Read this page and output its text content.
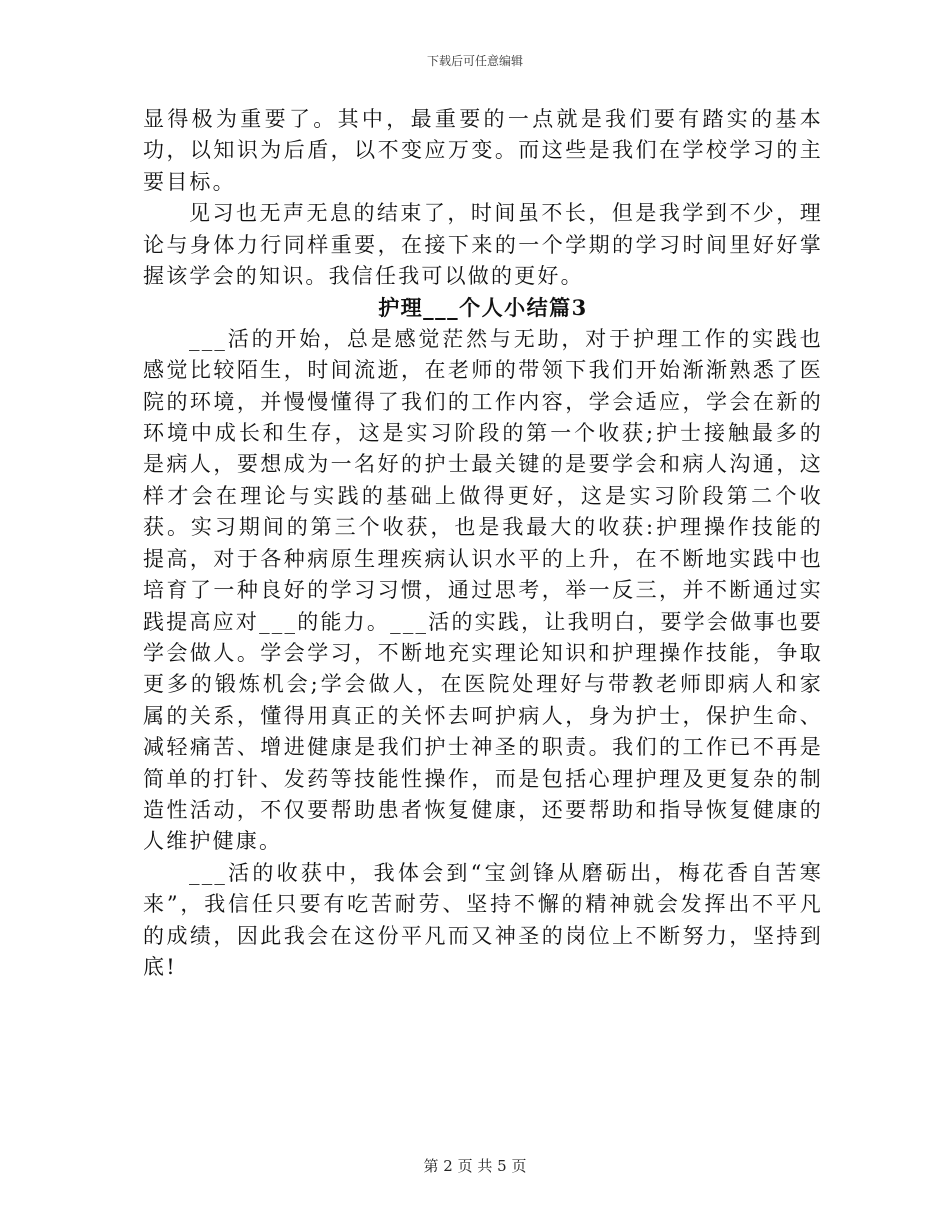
下载后可任意编辑

显得极为重要了。其中，最重要的一点就是我们要有踏实的基本功，以知识为后盾，以不变应万变。而这些是我们在学校学习的主要目标。

见习也无声无息的结束了，时间虽不长，但是我学到不少，理论与身体力行同样重要，在接下来的一个学期的学习时间里好好掌握该学会的知识。我信任我可以做的更好。

护理___个人小结篇3

___活的开始，总是感觉茫然与无助，对于护理工作的实践也感觉比较陌生，时间流逝，在老师的带领下我们开始渐渐熟悉了医院的环境，并慢慢懂得了我们的工作内容，学会适应，学会在新的环境中成长和生存，这是实习阶段的第一个收获;护士接触最多的是病人，要想成为一名好的护士最关键的是要学会和病人沟通，这样才会在理论与实践的基础上做得更好，这是实习阶段第二个收获。实习期间的第三个收获，也是我最大的收获:护理操作技能的提高，对于各种病原生理疾病认识水平的上升，在不断地实践中也培育了一种良好的学习习惯，通过思考，举一反三，并不断通过实践提高应对___的能力。___活的实践，让我明白，要学会做事也要学会做人。学会学习，不断地充实理论知识和护理操作技能，争取更多的锻炼机会;学会做人，在医院处理好与带教老师即病人和家属的关系，懂得用真正的关怀去呵护病人，身为护士，保护生命、减轻痛苦、增进健康是我们护士神圣的职责。我们的工作已不再是简单的打针、发药等技能性操作，而是包括心理护理及更复杂的制造性活动，不仅要帮助患者恢复健康，还要帮助和指导恢复健康的人维护健康。

___活的收获中，我体会到“宝剑锋从磨砺出，梅花香自苦寒来”，我信任只要有吃苦耐劳、坚持不懈的精神就会发挥出不平凡的成绩，因此我会在这份平凡而又神圣的岗位上不断努力，坚持到底!

第 2 页 共 5 页
